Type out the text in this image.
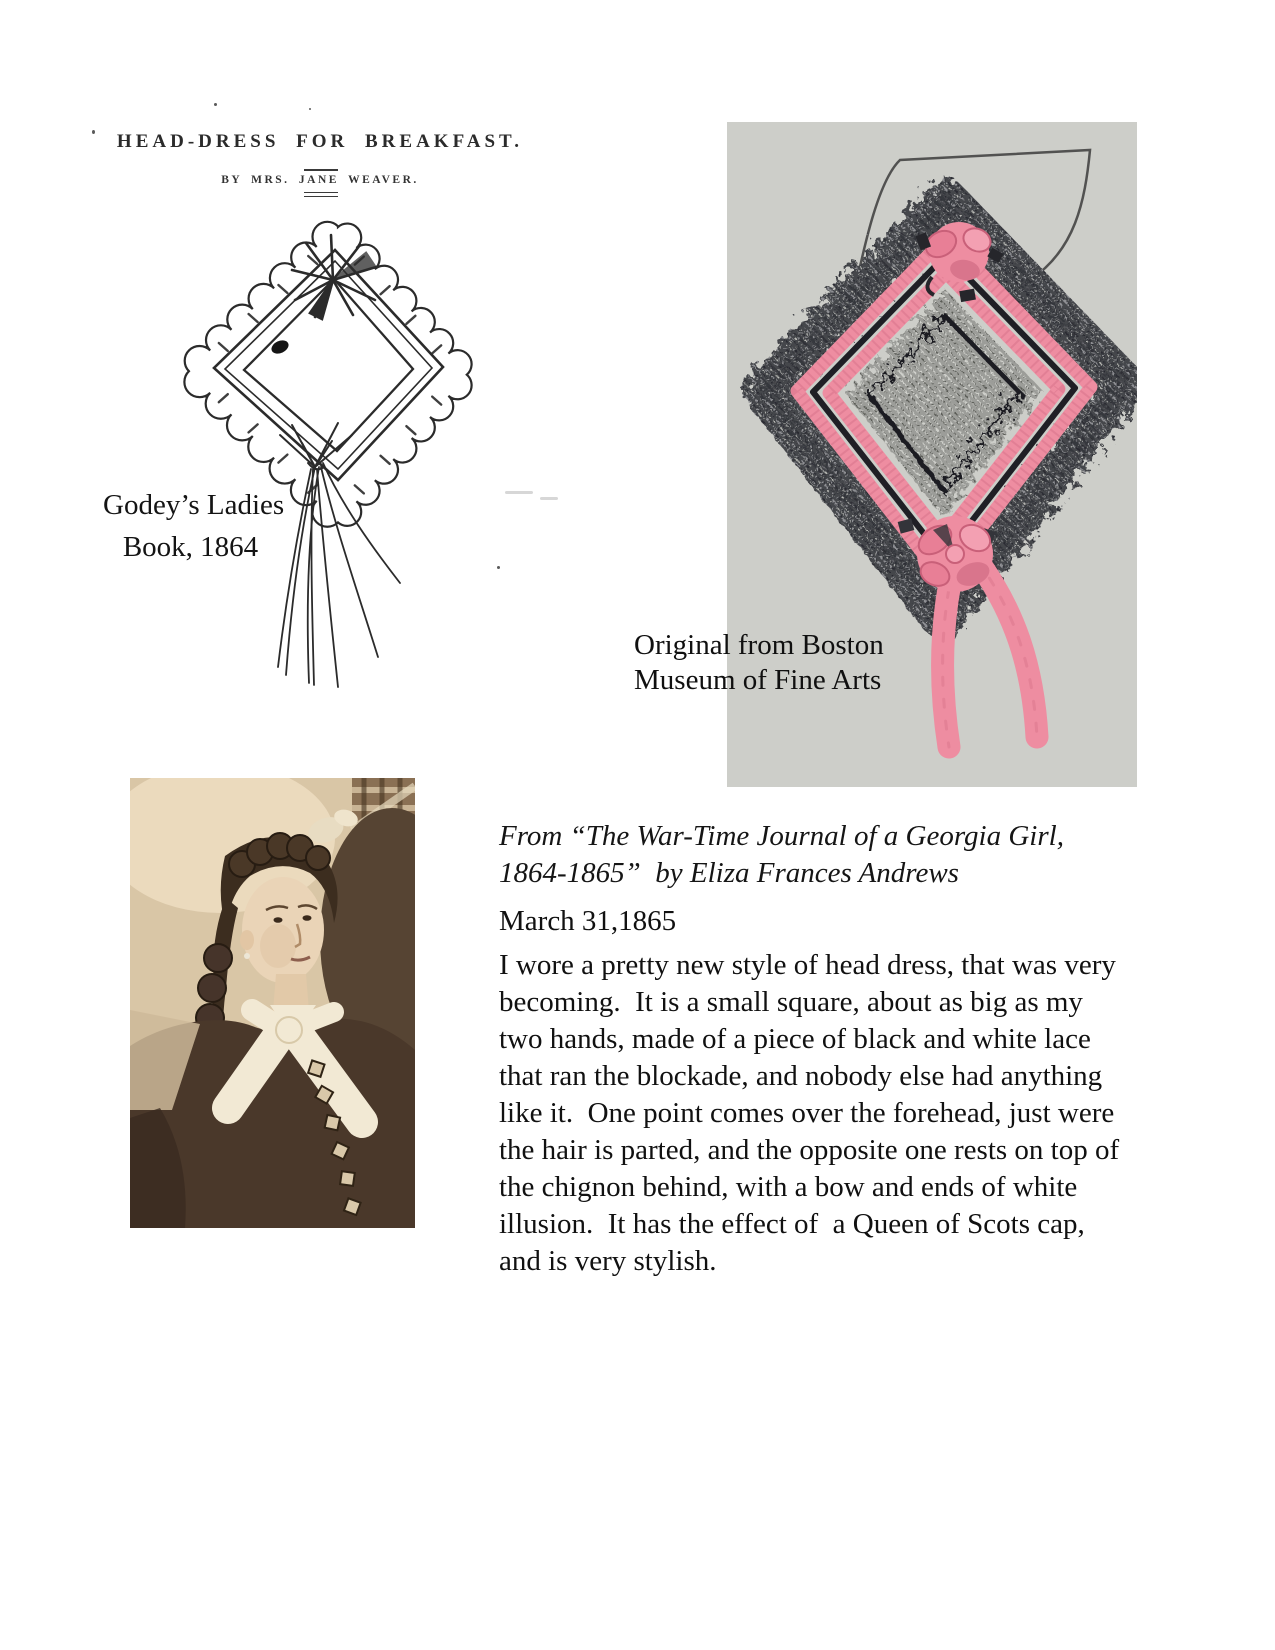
HEAD-DRESS FOR BREAKFAST.
BY MRS. JANE WEAVER.
Godey’s Ladies
Book, 1864
Original from Boston
Museum of Fine Arts
From “The War-Time Journal of a Georgia Girl,
1864-1865”  by Eliza Frances Andrews
March 31,1865
I wore a pretty new style of head dress, that was very
becoming.  It is a small square, about as big as my
two hands, made of a piece of black and white lace
that ran the blockade, and nobody else had anything
like it.  One point comes over the forehead, just were
the hair is parted, and the opposite one rests on top of
the chignon behind, with a bow and ends of white
illusion.  It has the effect of  a Queen of Scots cap,
and is very stylish.
